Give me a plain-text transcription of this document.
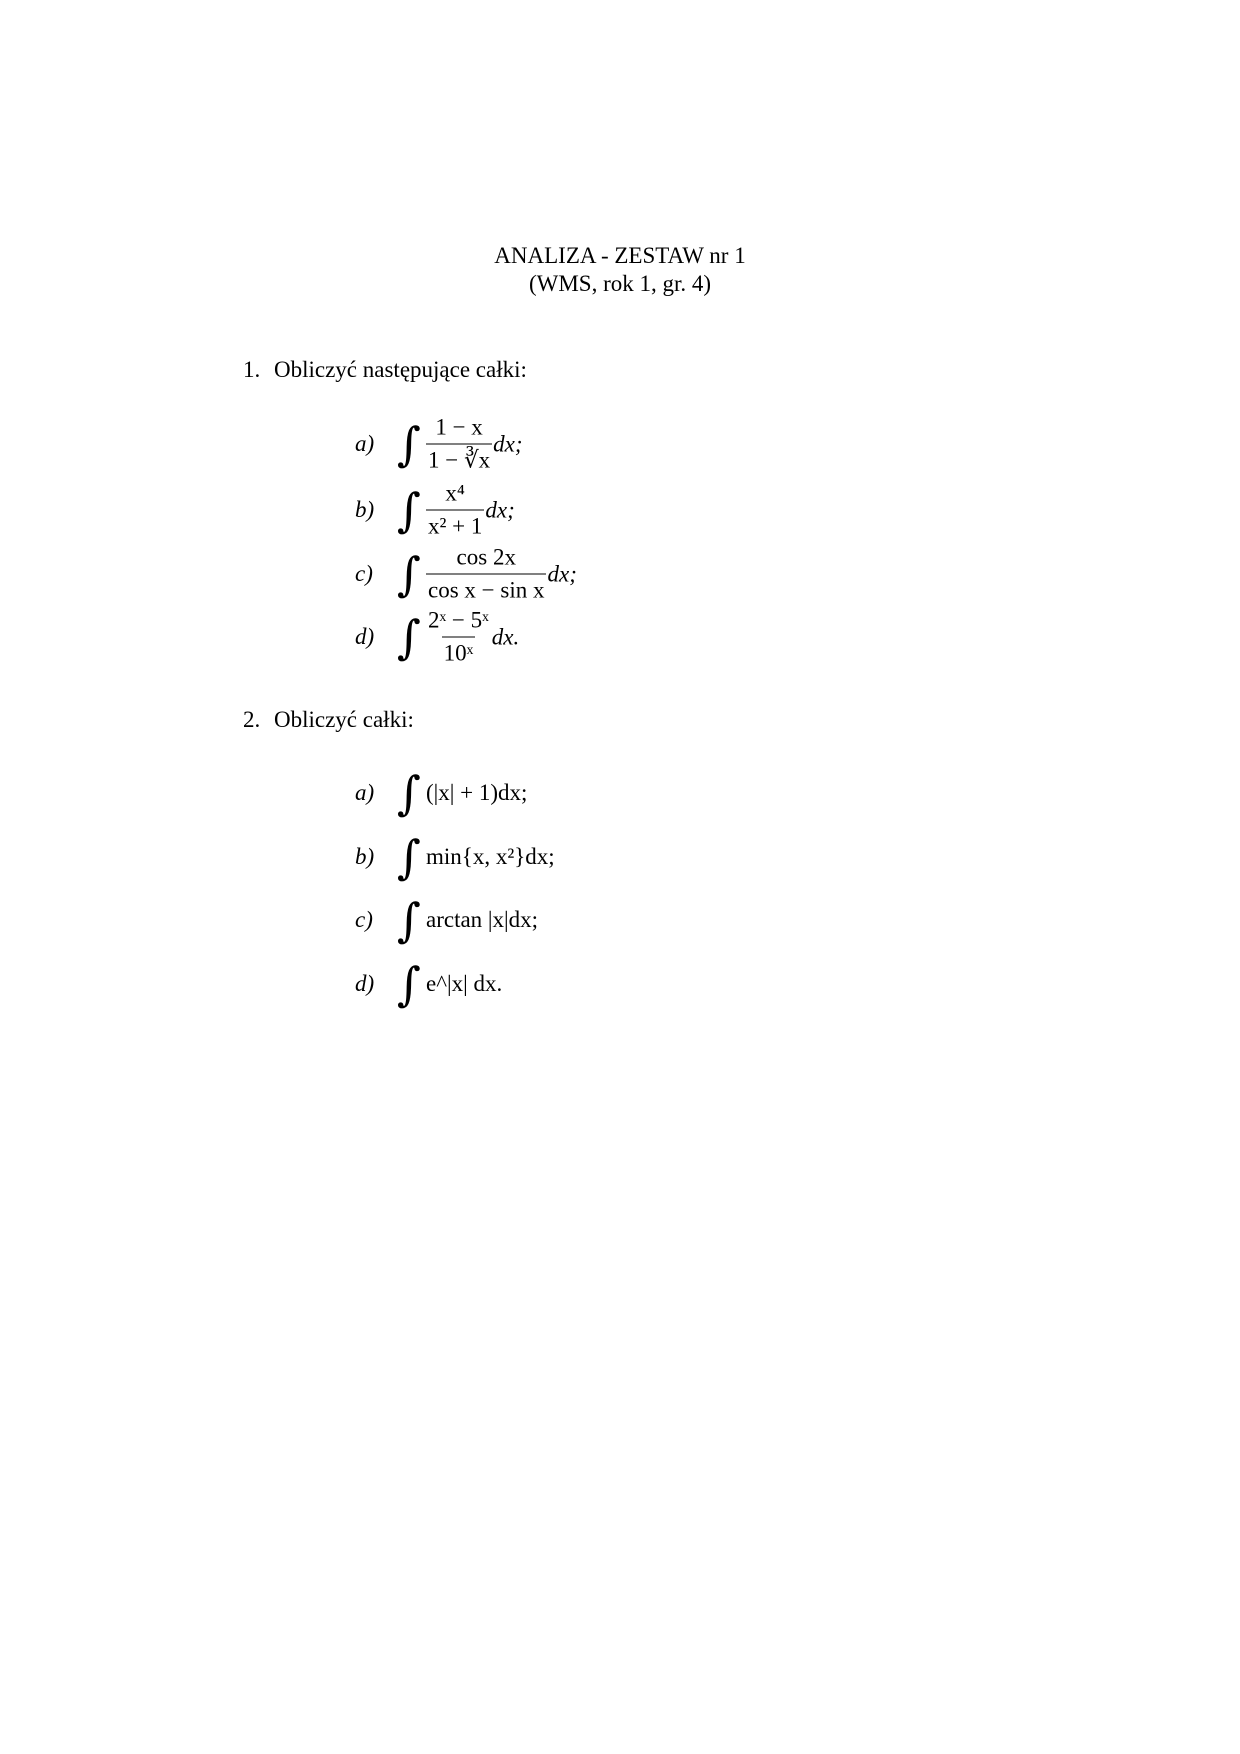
ANALIZA - ZESTAW nr 1
(WMS, rok 1, gr. 4)
1. Obliczyć następujące całki:
a) ∫ $\frac{1 - x}{1 - ∛x}$ dx;
b) ∫ $\frac{\text{x⁴}}{\text{x² + 1}}$ dx;
c) ∫ $\frac{\cos 2x}{\text{cos x − sin x}}$ dx;
d) ∫ $\frac{\text{2ˣ − 5ˣ}}{\text{10ˣ}}$ dx.
2. Obliczyć całki:
a) ∫ (|x| + 1)dx;
b) ∫ min{x, x²}dx;
c) ∫ arctan |x|dx;
d) ∫ e^|x| dx.
